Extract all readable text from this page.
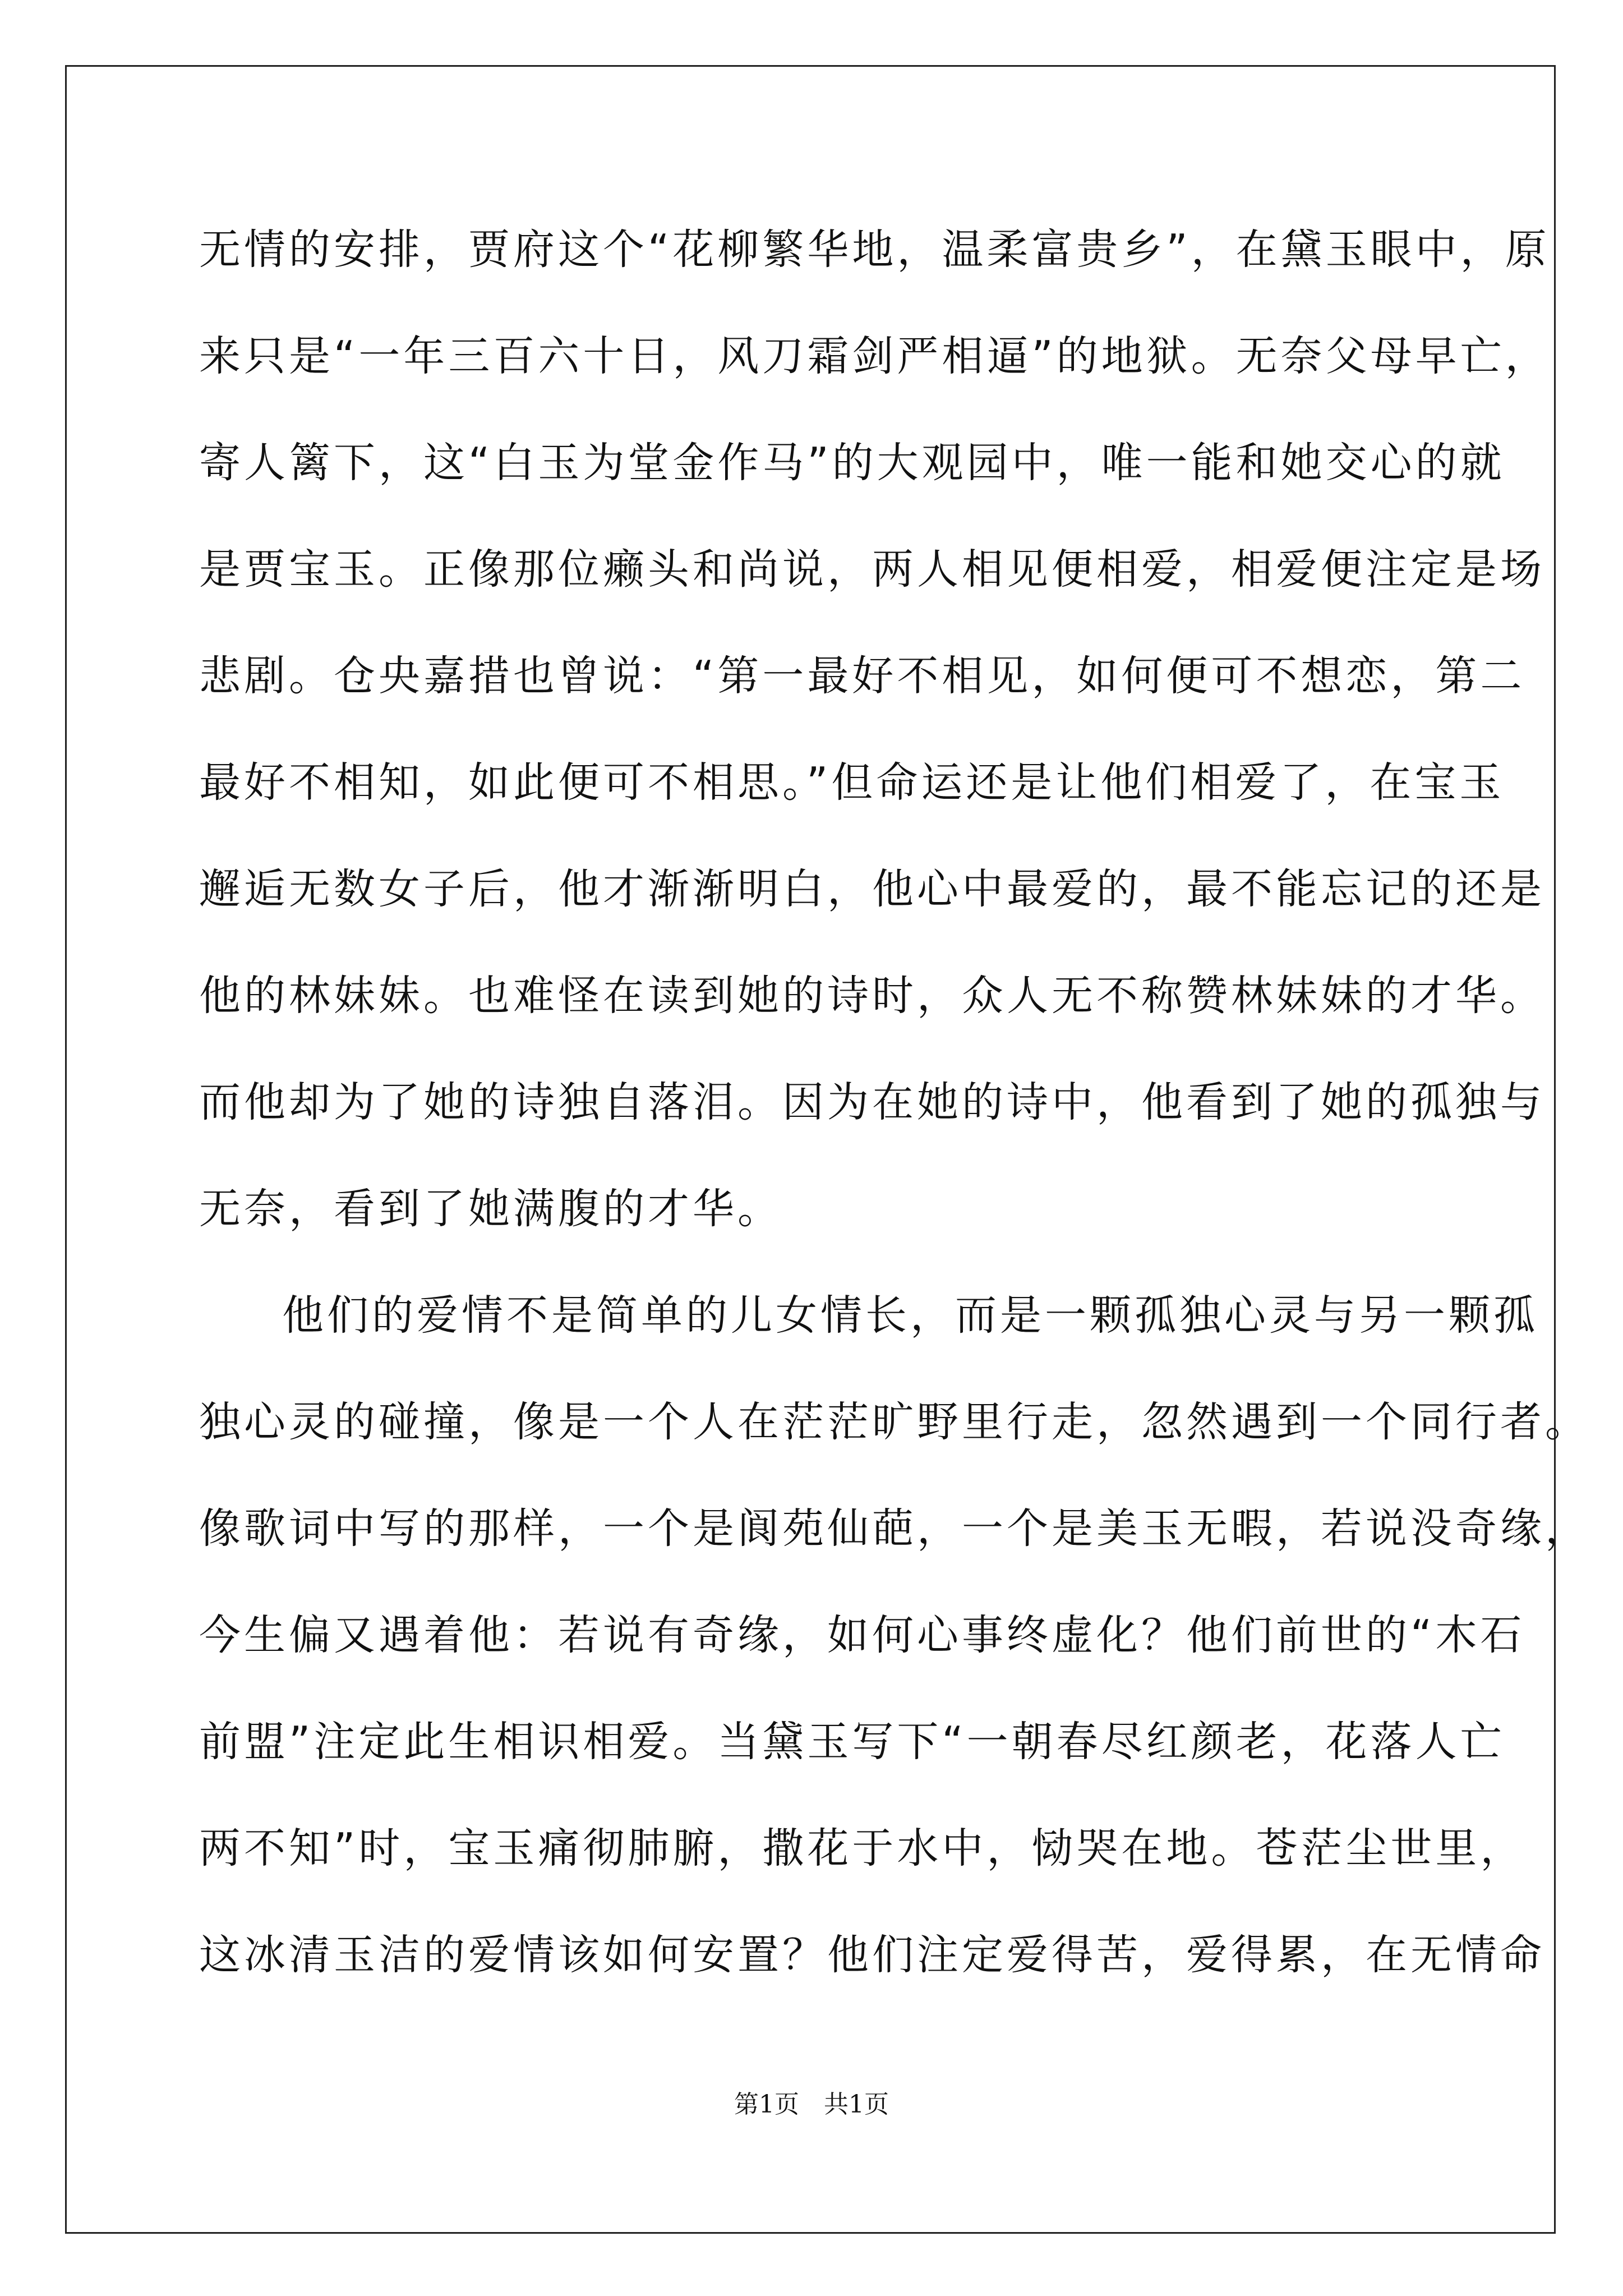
无情的安排，贾府这个“花柳繁华地，温柔富贵乡”，在黛玉眼中，原
来只是“一年三百六十日，风刀霜剑严相逼”的地狱。无奈父母早亡，
寄人篱下，这“白玉为堂金作马”的大观园中，唯一能和她交心的就
是贾宝玉。正像那位癞头和尚说，两人相见便相爱，相爱便注定是场
悲剧。仓央嘉措也曾说：“第一最好不相见，如何便可不想恋，第二
最好不相知，如此便可不相思。”但命运还是让他们相爱了，在宝玉
邂逅无数女子后，他才渐渐明白，他心中最爱的，最不能忘记的还是
他的林妹妹。也难怪在读到她的诗时，众人无不称赞林妹妹的才华。
而他却为了她的诗独自落泪。因为在她的诗中，他看到了她的孤独与
无奈，看到了她满腹的才华。
他们的爱情不是简单的儿女情长，而是一颗孤独心灵与另一颗孤
独心灵的碰撞，像是一个人在茫茫旷野里行走，忽然遇到一个同行者。
像歌词中写的那样，一个是阆苑仙葩，一个是美玉无暇，若说没奇缘，
今生偏又遇着他：若说有奇缘，如何心事终虚化？他们前世的“木石
前盟”注定此生相识相爱。当黛玉写下“一朝春尽红颜老，花落人亡
两不知”时，宝玉痛彻肺腑，撒花于水中，恸哭在地。苍茫尘世里，
这冰清玉洁的爱情该如何安置？他们注定爱得苦，爱得累，在无情命
第1页　共1页
